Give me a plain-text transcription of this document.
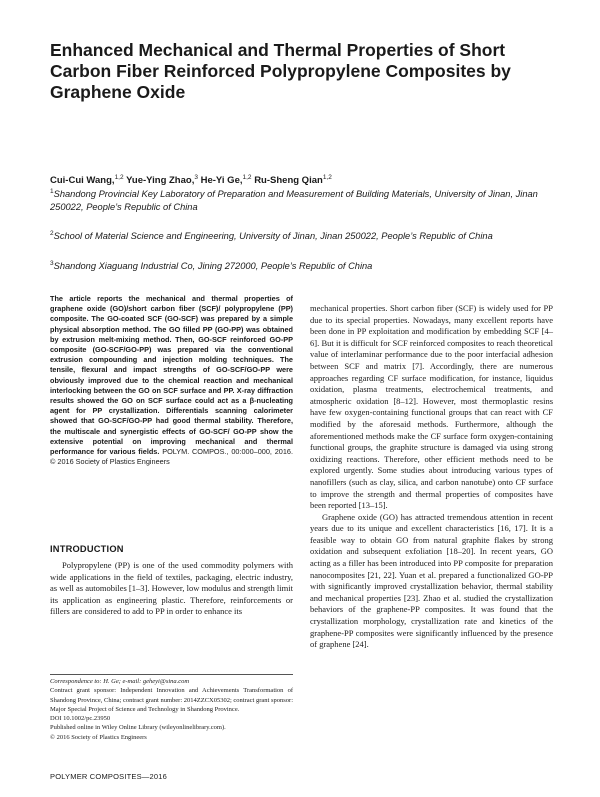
Enhanced Mechanical and Thermal Properties of Short Carbon Fiber Reinforced Polypropylene Composites by Graphene Oxide
Cui-Cui Wang,$^{1,2}$ Yue-Ying Zhao,$^3$ He-Yi Ge,$^{1,2}$ Ru-Sheng Qian$^{1,2}$
$^1$Shandong Provincial Key Laboratory of Preparation and Measurement of Building Materials, University of Jinan, Jinan 250022, People’s Republic of China
$^2$School of Material Science and Engineering, University of Jinan, Jinan 250022, People’s Republic of China
$^3$Shandong Xiaguang Industrial Co, Jining 272000, People’s Republic of China

The article reports the mechanical and thermal properties of graphene oxide (GO)/short carbon fiber (SCF)/ polypropylene (PP) composite. The GO-coated SCF (GO-SCF) was prepared by a simple physical absorption method. The GO filled PP (GO-PP) was obtained by extrusion melt-mixing method. Then, GO-SCF reinforced GO-PP composite (GO-SCF/GO-PP) was prepared via the conventional extrusion compounding and injection molding techniques. The tensile, flexural and impact strengths of GO-SCF/GO-PP were obviously improved due to the chemical reaction and mechanical interlocking between the GO on SCF surface and PP. X-ray diffraction results showed the GO on SCF surface could act as a β-nucleating agent for PP crystallization. Differentials scanning calorimeter showed that GO-SCF/GO-PP had good thermal stability. Therefore, the multiscale and synergistic effects of GO-SCF/ GO-PP show the extensive potential on improving mechanical and thermal performance for various fields. POLYM. COMPOS., 00:000–000, 2016. © 2016 Society of Plastics Engineers

INTRODUCTION

Polypropylene (PP) is one of the used commodity polymers with wide applications in the field of textiles, packaging, electric industry, as well as automobiles [1–3]. However, low modulus and strength limit its application as engineering plastic. Therefore, reinforcements or fillers are considered to add to PP in order to enhance its

Correspondence to: H. Ge; e-mail: geheyi@sina.com
Contract grant sponsor: Independent Innovation and Achievements Transformation of Shandong Province, China; contract grant number: 2014ZZCX05302; contract grant sponsor: Major Special Project of Science and Technology in Shandong Province.
DOI 10.1002/pc.23950
Published online in Wiley Online Library (wileyonlinelibrary.com).
© 2016 Society of Plastics Engineers

mechanical properties. Short carbon fiber (SCF) is widely used for PP due to its special properties. Nowadays, many excellent reports have been done in PP exploitation and modification by embedding SCF [4–6]. But it is difficult for SCF reinforced composites to reach theoretical value of interlaminar performance due to the poor interfacial adhesion between SCF and matrix [7]. Accordingly, there are numerous approaches regarding CF surface modification, for instance, liquidus oxidation, plasma treatments, electrochemical treatments, and atmospheric oxidation [8–12]. However, most thermoplastic resins have few oxygen-containing functional groups that can react with CF modified by the aforesaid methods. Furthermore, although the aforementioned methods make the CF surface form oxygen-containing functional groups, the graphite structure is damaged via using strong oxidizing reactions. Therefore, other efficient methods need to be explored urgently. Some studies about introducing various types of nanofillers (such as clay, silica, and carbon nanotube) onto CF surface to improve the strength and thermal properties of composites have been reported [13–15].

Graphene oxide (GO) has attracted tremendous attention in recent years due to its unique and excellent characteristics [16, 17]. It is a feasible way to obtain GO from natural graphite flakes by strong oxidation and subsequent exfoliation [18–20]. In recent years, GO acting as a filler has been introduced into PP composite for preparation nanocomposites [21, 22]. Yuan et al. prepared a functionalized GO-PP with significantly improved crystallization behavior, thermal stability and mechanical properties [23]. Zhao et al. studied the crystallization behaviors of the graphene-PP composites. It was found that the crystallization morphology, crystallization rate and kinetics of the graphene-PP composites were significantly influenced by the presence of graphene [24].

POLYMER COMPOSITES—2016
